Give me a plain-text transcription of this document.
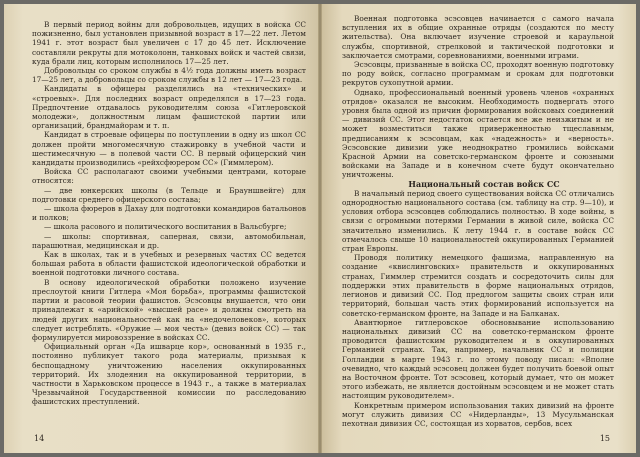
В первый период войны для добровольцев, идущих в войска СС пожизненно, был установлен призывной возраст в 17—22 лет. Летом 1941 г. этот возраст был увеличен с 17 до 45 лет. Исключение составляли рекруты для мотоколонн, танковых войск и частей связи, куда брали лиц, которым исполнилось 17—25 лет.

Добровольцы со сроком службы в 4½ года должны иметь возраст 17—25 лет, а добровольцы со сроком службы в 12 лет — 17—23 года.

Кандидаты в офицеры разделялись на «технических» и «строевых». Для последних возраст определялся в 17—23 года. Предпочтение отдавалось руководителям союза «Гитлеровской молодежи», должностным лицам фашистской партии или организаций, брандмайорам и т. п.

Кандидат в строевые офицеры по поступлении в одну из школ СС должен пройти многомесячную стажировку в учебной части и шестимесячную — в полевой части СС. В первый офицерский чин кандидаты производились «рейхсфюрером СС» (Гиммлером).

Войска СС располагают своими учебными центрами, которые относятся:

— две юнкерских школы (в Тельце и Брауншвейге) для подготовки среднего офицерского состава;

— школа фюреров в Дахау для подготовки командиров батальонов и полков;

— школа расового и политического воспитания в Вальсбурге;

— школы: спортивная, саперная, связи, автомобильная, парашютная, медицинская и др.

Как в школах, так и в учебных и резервных частях СС ведется большая работа в области фашистской идеологической обработки и военной подготовки личного состава.

В основу идеологической обработки положено изучение преслоутой книги Гитлера «Моя борьба», программы фашистской партии и расовой теории фашистов. Эсэсовцы внушается, что они принадлежат к «арийской» «высшей расе» и должны смотреть на людей других национальностей как на «недочеловеков», которых следует истреблять. «Оружие — моя честь» (девиз войск СС) — так формулируется мировоззрение в войсках СС.

Официальный орган «Да ишварце кор», основанный в 1935 г., постоянно публикует такого рода материалы, призывая к беспощадному уничтожению населения оккупированных территорий. Их злодеяния на оккупированной территории, в частности в Харьковском процессе в 1943 г., а также в материалах Чрезвычайной Государственной комиссии по расследованию фашистских преступлений.

14

Военная подготовка эсэсовцев начинается с самого начала вступления их в общие охранные отряды (создаются по месту жительства). Она включает изучение строевой и караульной службы, спортивной, стрелковой и тактической подготовки и заключается смотрами, соревнованиями, военными играми.

Эсэсовцы, призванные в войска СС, проходят военную подготовку по роду войск, согласно программам и срокам для подготовки рекрутов сухопутной армии.

Однако, профессиональный военный уровень членов «охранных отрядов» оказался не высоким. Необходимость подвергать этого уровня была одной из причин формирования войсковых соединений — дивизий СС. Этот недостаток остается все же неизжитым и не может возместиться также приверженностью тщеславным, предписаниям к эсэсовцам, как «надежность» и «верность». Эсэсовские дивизии уже неоднократно громились войсками Красной Армии на советско-германском фронте и союзными войсками на Западе и в конечном счете будут окончательно уничтожены.

Национальный состав войск СС

В начальный период своего существования войска СС отличались однородностью национального состава (см. таблицу на стр. 9—10), и условия отбора эсэсовцев соблюдались полностью. В ходе войны, в связи с огромными потерями Германии в живой силе, войска СС значительно изменились. К лету 1944 г. в составе войск СС отмечалось свыше 10 национальностей оккупированных Германией стран Европы.

Проводя политику немецкого фашизма, направленную на создание «квислинговских» правительств и оккупированных странах, Гиммлер стремится создать и сосредоточить силы для поддержки этих правительств в форме национальных отрядов, легионов и дивизий СС. Под предлогом защиты своих стран или территорий, большая часть этих формирований используется на советско-германском фронте, на Западе и на Балканах.

Авантюрное гитлеровское обосновывание использованию национальных дивизий СС на советско-германском фронте проводится фашистским руководителем и в оккупированных Германией странах. Так, например, начальник СС и полиции Голландии в марте 1943 г. по этому поводу писал: «Вполне очевидно, что каждый эсэсовец должен будет получить боевой опыт на Восточном фронте. Тот эсэсовец, который думает, что он может этого избежать, не является достойным эсэсовцем и не может стать настоящим руководителем».

Конкретным примером использования таких дивизий на фронте могут служить дивизия СС «Нидерланды», 13 Мусульманская пехотная дивизия СС, состоящая из хорватов, сербов, всех

15
